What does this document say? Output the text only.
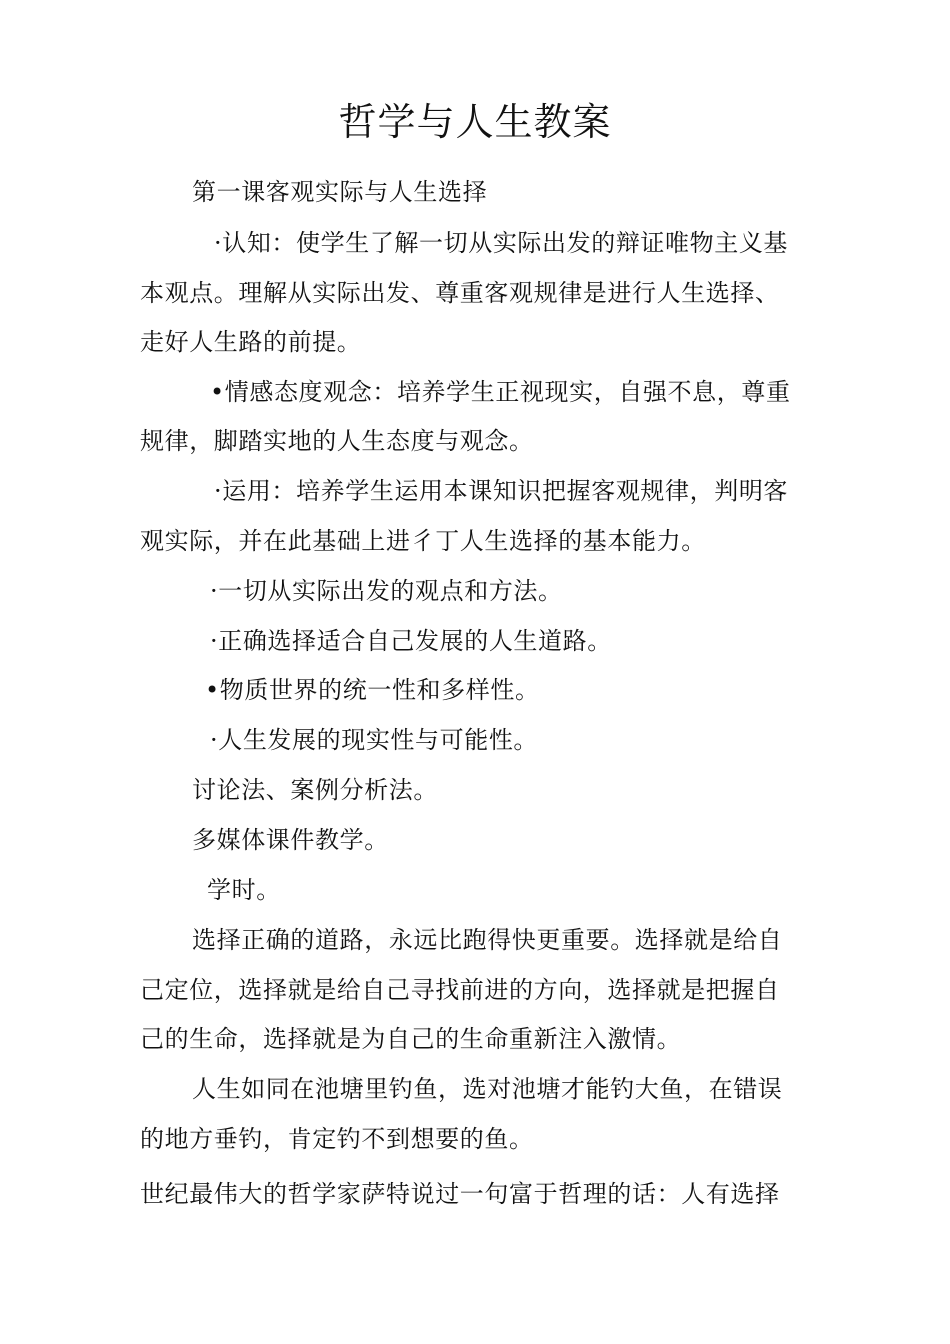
哲学与人生教案
第一课客观实际与人生选择
·认知：使学生了解一切从实际出发的辩证唯物主义基
本观点。理解从实际出发、尊重客观规律是进行人生选择、
走好人生路的前提。
•情感态度观念：培养学生正视现实，自强不息，尊重
规律，脚踏实地的人生态度与观念。
·运用：培养学生运用本课知识把握客观规律，判明客
观实际，并在此基础上进彳丁人生选择的基本能力。
·一切从实际出发的观点和方法。
·正确选择适合自己发展的人生道路。
•物质世界的统一性和多样性。
·人生发展的现实性与可能性。
讨论法、案例分析法。
多媒体课件教学。
学时。
选择正确的道路，永远比跑得快更重要。选择就是给自
己定位，选择就是给自己寻找前进的方向，选择就是把握自
己的生命，选择就是为自己的生命重新注入激情。
人生如同在池塘里钓鱼，选对池塘才能钓大鱼，在错误
的地方垂钓，肯定钓不到想要的鱼。
世纪最伟大的哲学家萨特说过一句富于哲理的话：人有选择
